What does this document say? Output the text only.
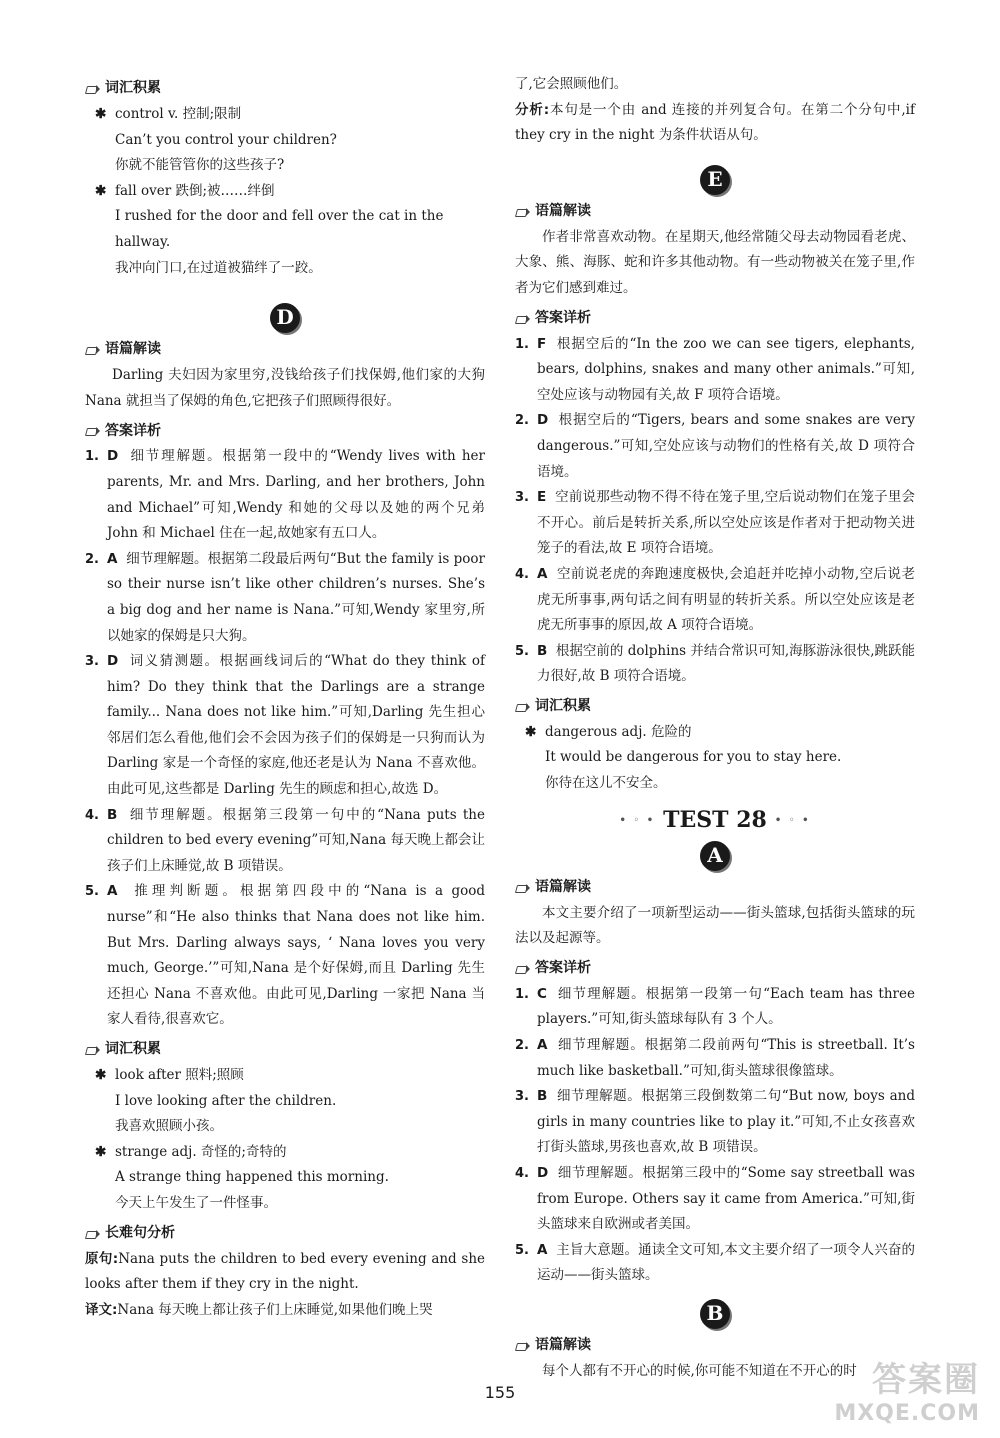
词汇积累
✱ control v. 控制;限制
Can’t you control your children?
你就不能管管你的这些孩子?
✱ fall over 跌倒;被……绊倒
I rushed for the door and fell over the cat in the hallway.
我冲向门口,在过道被猫绊了一跤。
D
语篇解读
Darling 夫妇因为家里穷,没钱给孩子们找保姆,他们家的大狗 Nana 就担当了保姆的角色,它把孩子们照顾得很好。
答案详析
1. D 细节理解题。根据第一段中的“Wendy lives with her parents, Mr. and Mrs. Darling, and her brothers, John and Michael”可知,Wendy 和她的父母以及她的两个兄弟 John 和 Michael 住在一起,故她家有五口人。
2. A 细节理解题。根据第二段最后两句“But the family is poor so their nurse isn’t like other children’s nurses. She’s a big dog and her name is Nana.”可知,Wendy 家里穷,所以她家的保姆是只大狗。
3. D 词义猜测题。根据画线词后的“What do they think of him? Do they think that the Darlings are a strange family... Nana does not like him.”可知,Darling 先生担心邻居们怎么看他,他们会不会因为孩子们的保姆是一只狗而认为 Darling 家是一个奇怪的家庭,他还老是认为 Nana 不喜欢他。由此可见,这些都是 Darling 先生的顾虑和担心,故选 D。
4. B 细节理解题。根据第三段第一句中的“Nana puts the children to bed every evening”可知,Nana 每天晚上都会让孩子们上床睡觉,故 B 项错误。
5. A 推理判断题。根据第四段中的“Nana is a good nurse”和“He also thinks that Nana does not like him. But Mrs. Darling always says, ‘ Nana loves you very much, George.’”可知,Nana 是个好保姆,而且 Darling 先生还担心 Nana 不喜欢他。由此可见,Darling 一家把 Nana 当家人看待,很喜欢它。
词汇积累
✱ look after 照料;照顾
I love looking after the children.
我喜欢照顾小孩。
✱ strange adj. 奇怪的;奇特的
A strange thing happened this morning.
今天上午发生了一件怪事。
长难句分析
原句:Nana puts the children to bed every evening and she looks after them if they cry in the night.
译文:Nana 每天晚上都让孩子们上床睡觉,如果他们晚上哭
了,它会照顾他们。
分析:本句是一个由 and 连接的并列复合句。在第二个分句中,if they cry in the night 为条件状语从句。
E
语篇解读
作者非常喜欢动物。在星期天,他经常随父母去动物园看老虎、大象、熊、海豚、蛇和许多其他动物。有一些动物被关在笼子里,作者为它们感到难过。
答案详析
1. F 根据空后的“In the zoo we can see tigers, elephants, bears, dolphins, snakes and many other animals.”可知,空处应该与动物园有关,故 F 项符合语境。
2. D 根据空后的“Tigers, bears and some snakes are very dangerous.”可知,空处应该与动物们的性格有关,故 D 项符合语境。
3. E 空前说那些动物不得不待在笼子里,空后说动物们在笼子里会不开心。前后是转折关系,所以空处应该是作者对于把动物关进笼子的看法,故 E 项符合语境。
4. A 空前说老虎的奔跑速度极快,会追赶并吃掉小动物,空后说老虎无所事事,两句话之间有明显的转折关系。所以空处应该是老虎无所事事的原因,故 A 项符合语境。
5. B 根据空前的 dolphins 并结合常识可知,海豚游泳很快,跳跃能力很好,故 B 项符合语境。
词汇积累
✱ dangerous adj. 危险的
It would be dangerous for you to stay here.
你待在这儿不安全。
• ◦ • TEST 28 • ◦ •
A
语篇解读
本文主要介绍了一项新型运动——街头篮球,包括街头篮球的玩法以及起源等。
答案详析
1. C 细节理解题。根据第一段第一句“Each team has three players.”可知,街头篮球每队有 3 个人。
2. A 细节理解题。根据第二段前两句“This is streetball. It’s much like basketball.”可知,街头篮球很像篮球。
3. B 细节理解题。根据第三段倒数第二句“But now, boys and girls in many countries like to play it.”可知,不止女孩喜欢打街头篮球,男孩也喜欢,故 B 项错误。
4. D 细节理解题。根据第三段中的“Some say streetball was from Europe. Others say it came from America.”可知,街头篮球来自欧洲或者美国。
5. A 主旨大意题。通读全文可知,本文主要介绍了一项令人兴奋的运动——街头篮球。
B
语篇解读
每个人都有不开心的时候,你可能不知道在不开心的时
155	答案圈
MXQE.COM
